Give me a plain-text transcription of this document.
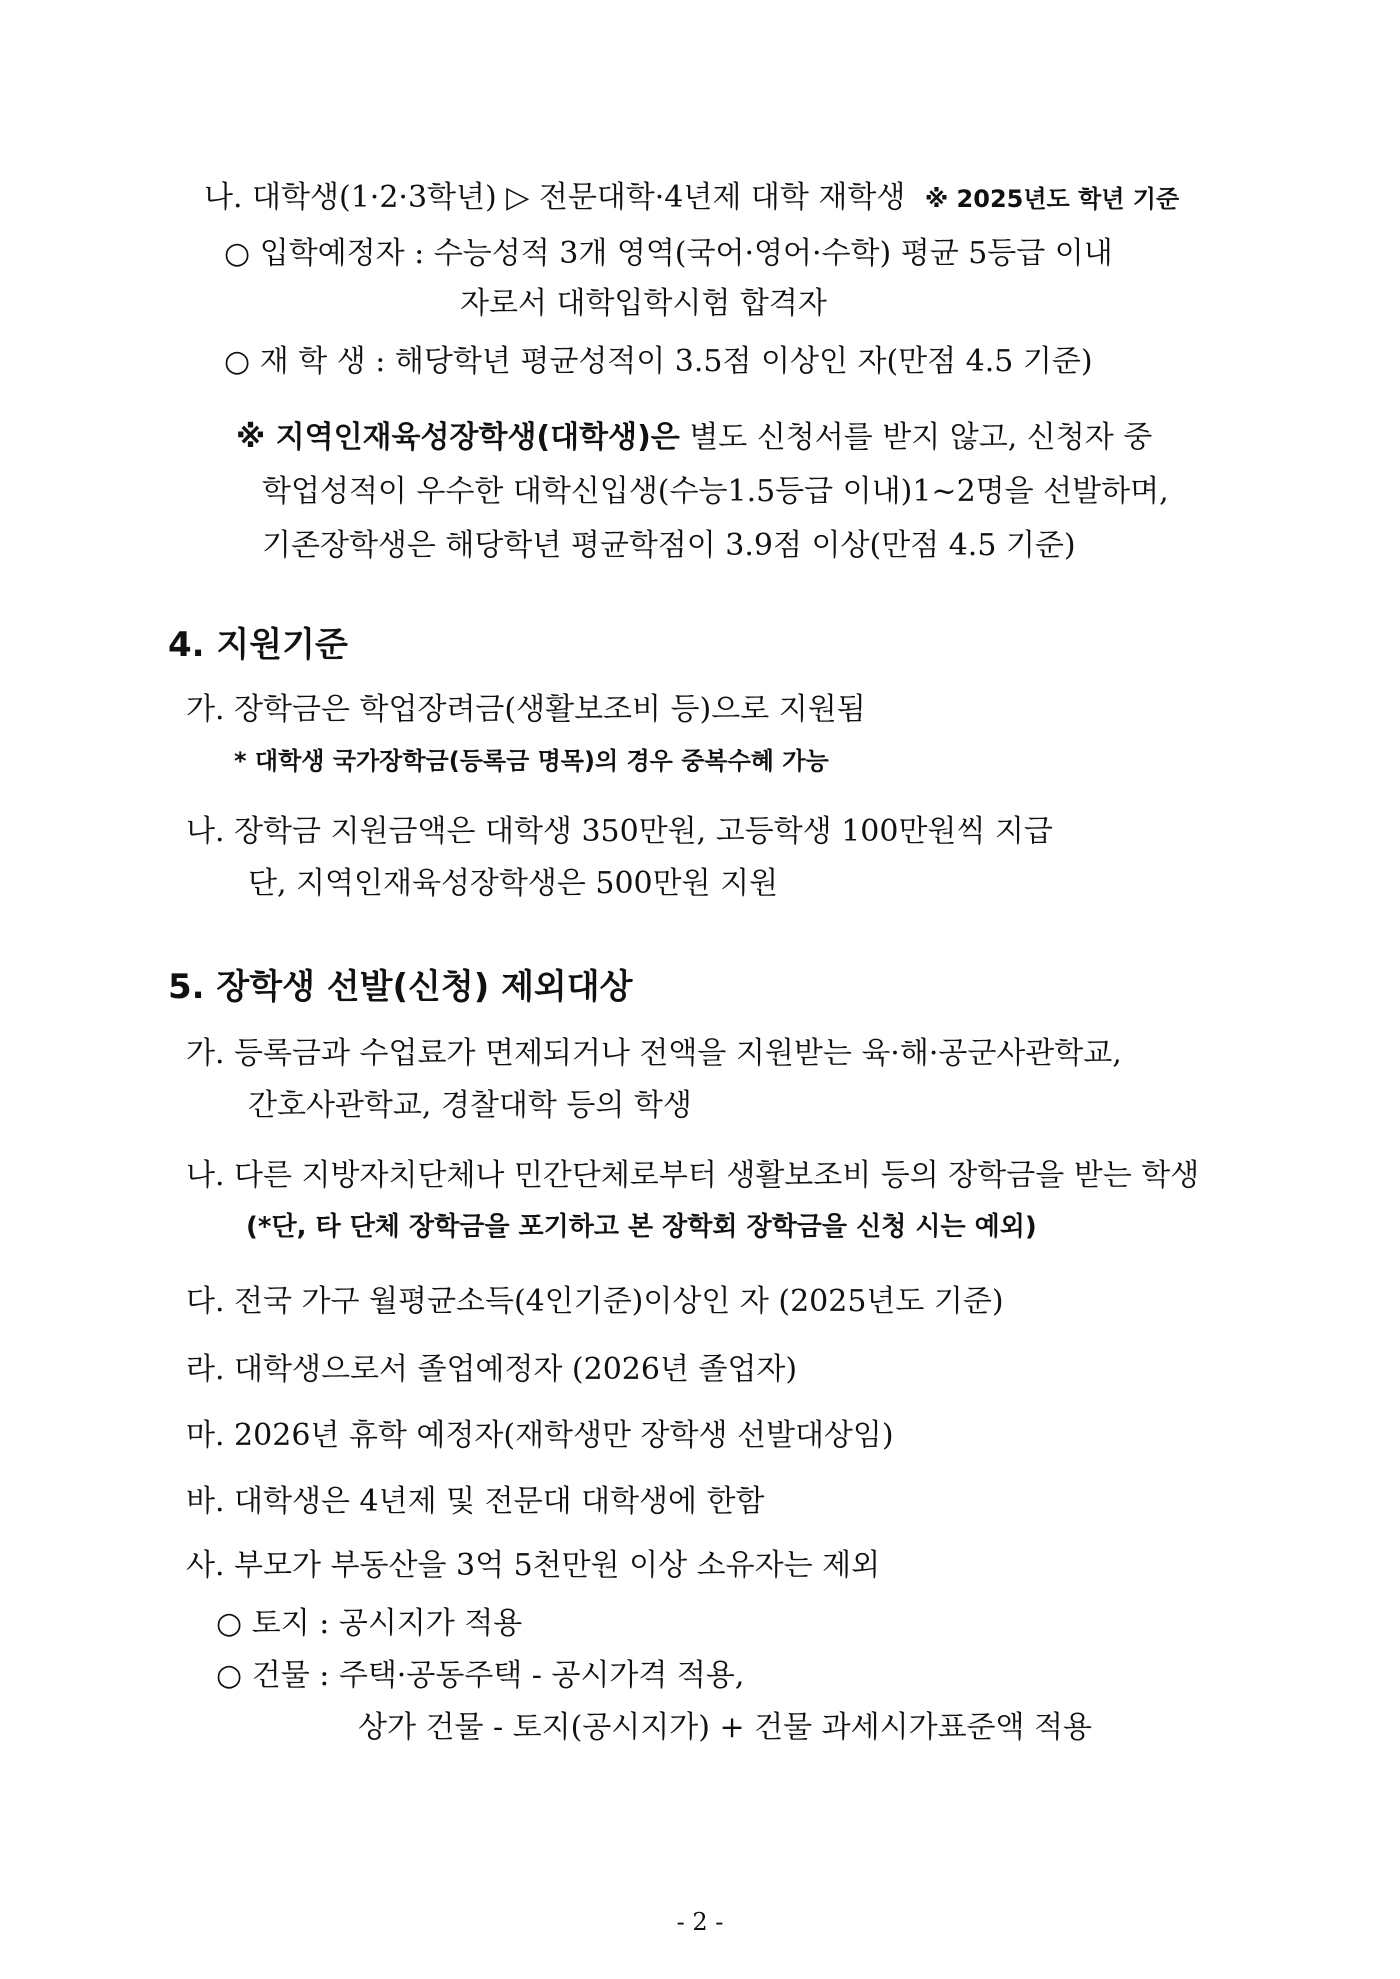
나. 대학생(1·2·3학년) ▷ 전문대학·4년제 대학 재학생 ※ 2025년도 학년 기준
○ 입학예정자 : 수능성적 3개 영역(국어·영어·수학) 평균 5등급 이내
자로서 대학입학시험 합격자
○ 재 학 생 : 해당학년 평균성적이 3.5점 이상인 자(만점 4.5 기준)
※ 지역인재육성장학생(대학생)은 별도 신청서를 받지 않고, 신청자 중
학업성적이 우수한 대학신입생(수능1.5등급 이내)1~2명을 선발하며,
기존장학생은 해당학년 평균학점이 3.9점 이상(만점 4.5 기준)
4. 지원기준
가. 장학금은 학업장려금(생활보조비 등)으로 지원됨
* 대학생 국가장학금(등록금 명목)의 경우 중복수혜 가능
나. 장학금 지원금액은 대학생 350만원, 고등학생 100만원씩 지급
단, 지역인재육성장학생은 500만원 지원
5. 장학생 선발(신청) 제외대상
가. 등록금과 수업료가 면제되거나 전액을 지원받는 육·해·공군사관학교,
간호사관학교, 경찰대학 등의 학생
나. 다른 지방자치단체나 민간단체로부터 생활보조비 등의 장학금을 받는 학생
(*단, 타 단체 장학금을 포기하고 본 장학회 장학금을 신청 시는 예외)
다. 전국 가구 월평균소득(4인기준)이상인 자 (2025년도 기준)
라. 대학생으로서 졸업예정자 (2026년 졸업자)
마. 2026년 휴학 예정자(재학생만 장학생 선발대상임)
바. 대학생은 4년제 및 전문대 대학생에 한함
사. 부모가 부동산을 3억 5천만원 이상 소유자는 제외
○ 토지 : 공시지가 적용
○ 건물 : 주택·공동주택 - 공시가격 적용,
상가 건물 - 토지(공시지가) + 건물 과세시가표준액 적용
- 2 -
